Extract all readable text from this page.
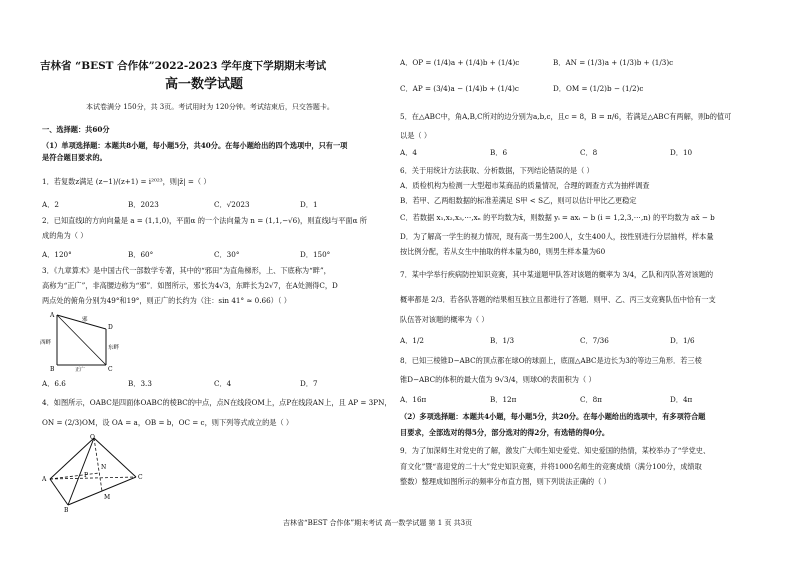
吉林省 “BEST 合作体”2022-2023 学年度下学期期末考试
高一数学试题
本试卷满分 150分，共 3页。考试用时为 120分钟。考试结束后，只交答题卡。
一、选择题：共60分
（1）单项选择题：本题共8小题，每小题5分，共40分。在每小题给出的四个选项中，只有一项
是符合题目要求的。
1．若复数z满足 (z−1)/(z+1) = i²⁰²³，则|z̄| =（ ）
A．2	B．2023	C．√2023	D．1
2．已知直线l的方向向量是 a = (1,1,0)，平面α 的一个法向量为 n = (1,1,−√6)，则直线l与平面α 所
成的角为（ ）
A．120°	B．60°	C．30°	D．150°
3．《九章算术》是中国古代一部数学专著，其中的“邪田”为直角梯形，上、下底称为“畔”，
高称为“正广”，非高腰边称为“邪”．如图所示，邪长为4√3，东畔长为2√7，在A处测得C，D
两点处的俯角分别为49°和19°，则正广的长约为（注：sin 41° ≈ 0.66）（ ）
A
B	C
D
邪
东畔
西畔
正广
A．6.6	B．3.3	C．4	D．7
4．如图所示，OABC是四面体OABC的棱BC的中点，点N在线段OM上，点P在线段AN上，且 AP = 3PN，
ON = (2/3)OM，设 OA = a，OB = b，OC = c，则下列等式成立的是（ ）
O
A
B
C
M
N
P
A．OP = (1/4)a + (1/4)b + (1/4)c	B．AN = (1/3)a + (1/3)b + (1/3)c
C．AP = (3/4)a − (1/4)b + (1/4)c	D．OM = (1/2)b − (1/2)c
5．在△ABC中，角A,B,C所对的边分别为a,b,c，且c = 8，B = π/6，若满足△ABC有两解，则b的值可
以是（ ）
A．4	B．6	C．8	D．10
6．关于用统计方法获取、分析数据，下列结论错误的是（ ）
A．质检机构为检测一大型超市某商品的质量情况，合理的调查方式为抽样调查
B．若甲、乙两组数据的标准差满足 S甲 < S乙，则可以估计甲比乙更稳定
C．若数据 x₁,x₂,x₃,⋯,xₙ 的平均数为x̄，则数据 yᵢ = axᵢ − b (i = 1,2,3,⋯,n) 的平均数为 ax̄ − b
D．为了解高一学生的视力情况，现有高一男生200人，女生400人，按性别进行分层抽样，样本量
按比例分配，若从女生中抽取的样本量为80，则男生样本量为60
7．某中学举行疾病防控知识竞赛，其中某道题甲队答对该题的概率为 3/4，乙队和丙队答对该题的
概率都是 2/3．若各队答题的结果相互独立且都进行了答题．则甲、乙、丙三支竞赛队伍中恰有一支
队伍答对该题的概率为（ ）
A．1/2	B．1/3	C．7/36	D．1/6
8．已知三棱锥D−ABC的顶点都在球O的球面上，底面△ABC是边长为3的等边三角形．若三棱
锥D−ABC的体积的最大值为 9√3/4，则球O的表面积为（ ）
A．16π	B．12π	C．8π	D．4π
（2）多项选择题：本题共4小题，每小题5分，共20分。在每小题给出的选项中，有多项符合题
目要求，全部选对的得5分，部分选对的得2分，有选错的得0分。
9．为了加深师生对党史的了解，激发广大师生知史爱党、知史爱国的热情，某校举办了“学党史、
育文化”暨“喜迎党的二十大”党史知识竞赛，并将1000名师生的竞赛成绩（满分100分，成绩取
整数）整理成如图所示的频率分布直方图，则下列说法正确的（ ）
吉林省“BEST 合作体”期末考试 高一数学试题 第 1 页 共3页
